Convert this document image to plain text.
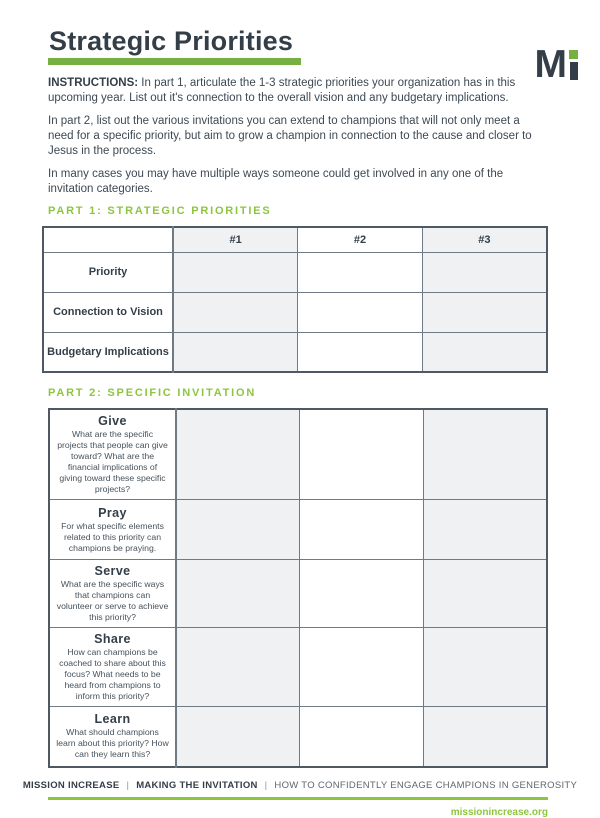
Strategic Priorities
M

INSTRUCTIONS: In part 1, articulate the 1-3 strategic priorities your organization has in this upcoming year. List out it's connection to the overall vision and any budgetary implications.

In part 2, list out the various invitations you can extend to champions that will not only meet a need for a specific priority, but aim to grow a champion in connection to the cause and closer to Jesus in the process.

In many cases you may have multiple ways someone could get involved in any one of the invitation categories.

PART 1: STRATEGIC PRIORITIES
	#1	#2	#3
Priority			
Connection to Vision			
Budgetary Implications			
PART 2: SPECIFIC INVITATION
Give
What are the specific projects that people can give toward? What are the financial implications of giving toward these specific projects?			

Pray
For what specific elements related to this priority can champions be praying.			

Serve
What are the specific ways that champions can volunteer or serve to achieve this priority?			

Share
How can champions be coached to share about this focus? What needs to be heard from champions to inform this priority?			

Learn
What should champions learn about this priority? How can they learn this?			

MISSION INCREASE | MAKING THE INVITATION | HOW TO CONFIDENTLY ENGAGE CHAMPIONS IN GENEROSITY
missionincrease.org
